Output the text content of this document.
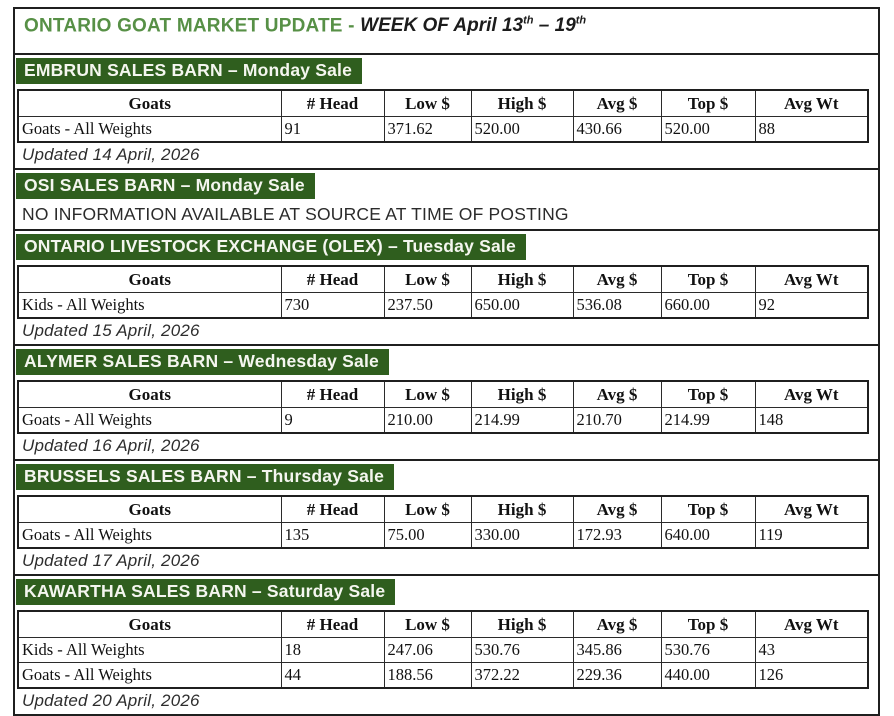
ONTARIO GOAT MARKET UPDATE - WEEK OF April 13th – 19th
EMBRUN SALES BARN – Monday Sale
Goats	# Head	Low $	High $	Avg $	Top $	Avg Wt
Goats - All Weights	91	371.62	520.00	430.66	520.00	88
Updated 14 April, 2026
OSI SALES BARN – Monday Sale
NO INFORMATION AVAILABLE AT SOURCE AT TIME OF POSTING
ONTARIO LIVESTOCK EXCHANGE (OLEX) – Tuesday Sale
Goats	# Head	Low $	High $	Avg $	Top $	Avg Wt
Kids - All Weights	730	237.50	650.00	536.08	660.00	92
Updated 15 April, 2026
ALYMER SALES BARN – Wednesday Sale
Goats	# Head	Low $	High $	Avg $	Top $	Avg Wt
Goats - All Weights	9	210.00	214.99	210.70	214.99	148
Updated 16 April, 2026
BRUSSELS SALES BARN – Thursday Sale
Goats	# Head	Low $	High $	Avg $	Top $	Avg Wt
Goats - All Weights	135	75.00	330.00	172.93	640.00	119
Updated 17 April, 2026
KAWARTHA SALES BARN – Saturday Sale
Goats	# Head	Low $	High $	Avg $	Top $	Avg Wt
Kids - All Weights	18	247.06	530.76	345.86	530.76	43
Goats - All Weights	44	188.56	372.22	229.36	440.00	126
Updated 20 April, 2026
